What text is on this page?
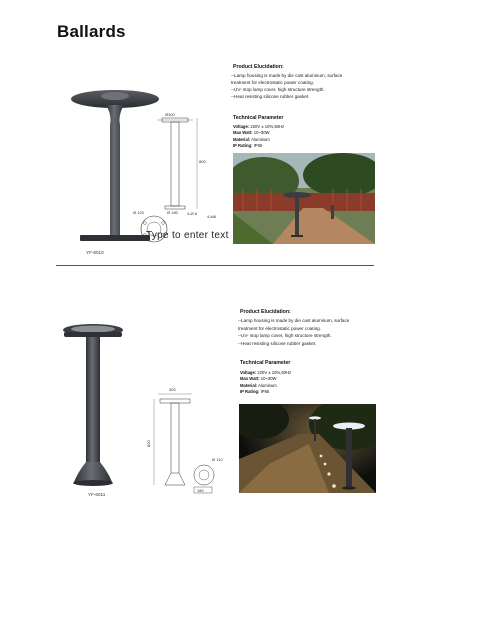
Ballards
Ø300
800
Ø 180 4-Ø 8
4-M6
Ø 120
Type to enter text
YF-6010
Product Elucidation:
--Lamp housing is made by die cast aluminum, surface
treatment for electrostatic power coating.
--UV- stop lamp cover, high structure strength.
--Heat resisting silicone rubber gasket.
Technical Parameter
Voltage: 220V ± 10%,50Hz
Max Watt: 10~30W
Material: Aluminum
IP Rating: IP65
300
800
Ø 110
180
YF-6011
Product Elucidation:
--Lamp housing is made by die cast aluminum, surface
treatment for electrostatic power coating.
--UV- stop lamp cover, high structure strength.
--Heat resisting silicone rubber gasket.
Technical Parameter
Voltage: 220V ± 10%,50Hz
Max Watt: 10~30W
Material: Aluminum
IP Rating: IP65
